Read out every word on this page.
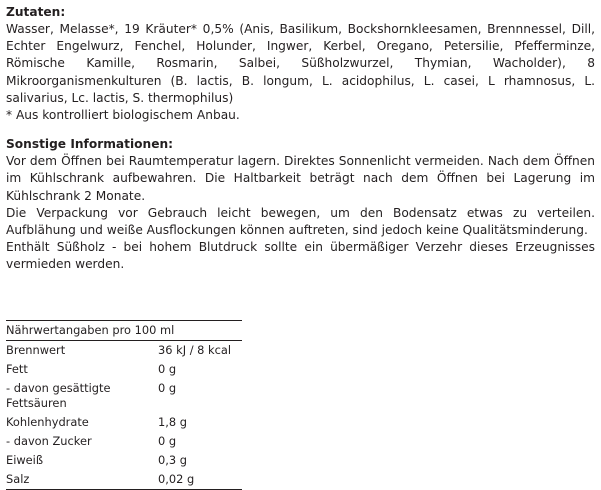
Zutaten:
Wasser, Melasse*, 19 Kräuter* 0,5% (Anis, Basilikum, Bockshornkleesamen, Brennnessel, Dill, Echter Engelwurz, Fenchel, Holunder, Ingwer, Kerbel, Oregano, Petersilie, Pfefferminze, Römische Kamille, Rosmarin, Salbei, Süßholzwurzel, Thymian, Wacholder), 8 Mikroorganismenkulturen (B. lactis, B. longum, L. acidophilus, L. casei, L rhamnosus, L. salivarius, Lc. lactis, S. thermophilus)
* Aus kontrolliert biologischem Anbau.
Sonstige Informationen:
Vor dem Öffnen bei Raumtemperatur lagern. Direktes Sonnenlicht vermeiden. Nach dem Öffnen im Kühlschrank aufbewahren. Die Haltbarkeit beträgt nach dem Öffnen bei Lagerung im Kühlschrank 2 Monate.
Die Verpackung vor Gebrauch leicht bewegen, um den Bodensatz etwas zu verteilen. Aufblähung und weiße Ausflockungen können auftreten, sind jedoch keine Qualitätsminderung.
Enthält Süßholz - bei hohem Blutdruck sollte ein übermäßiger Verzehr dieses Erzeugnisses vermieden werden.
Nährwertangaben pro 100 ml	
Brennwert	36 kJ / 8 kcal
Fett	0 g
- davon gesättigte Fettsäuren	0 g
Kohlenhydrate	1,8 g
- davon Zucker	0 g
Eiweiß	0,3 g
Salz	0,02 g
